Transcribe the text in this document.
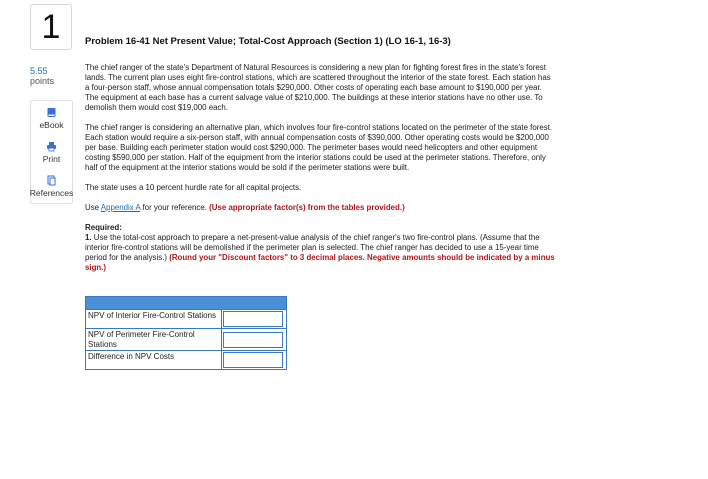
1
5.55
points
eBook
Print
References
Problem 16-41 Net Present Value; Total-Cost Approach (Section 1) (LO 16-1, 16-3)

The chief ranger of the state's Department of Natural Resources is considering a new plan for fighting forest fires in the state's forest lands. The current plan uses eight fire-control stations, which are scattered throughout the interior of the state forest. Each station has a four-person staff, whose annual compensation totals $290,000. Other costs of operating each base amount to $190,000 per year. The equipment at each base has a current salvage value of $210,000. The buildings at these interior stations have no other use. To demolish them would cost $19,000 each.

The chief ranger is considering an alternative plan, which involves four fire-control stations located on the perimeter of the state forest. Each station would require a six-person staff, with annual compensation costs of $390,000. Other operating costs would be $200,000 per base. Building each perimeter station would cost $290,000. The perimeter bases would need helicopters and other equipment costing $590,000 per station. Half of the equipment from the interior stations could be used at the perimeter stations. Therefore, only half of the equipment at the interior stations would be sold if the perimeter stations were built.

The state uses a 10 percent hurdle rate for all capital projects.

Use Appendix A for your reference. (Use appropriate factor(s) from the tables provided.)

Required:

1. Use the total-cost approach to prepare a net-present-value analysis of the chief ranger's two fire-control plans. (Assume that the interior fire-control stations will be demolished if the perimeter plan is selected. The chief ranger has decided to use a 15-year time period for the analysis.) (Round your "Discount factors" to 3 decimal places. Negative amounts should be indicated by a minus sign.)

NPV of Interior Fire-Control Stations	
NPV of Perimeter Fire-Control Stations	
Difference in NPV Costs	
